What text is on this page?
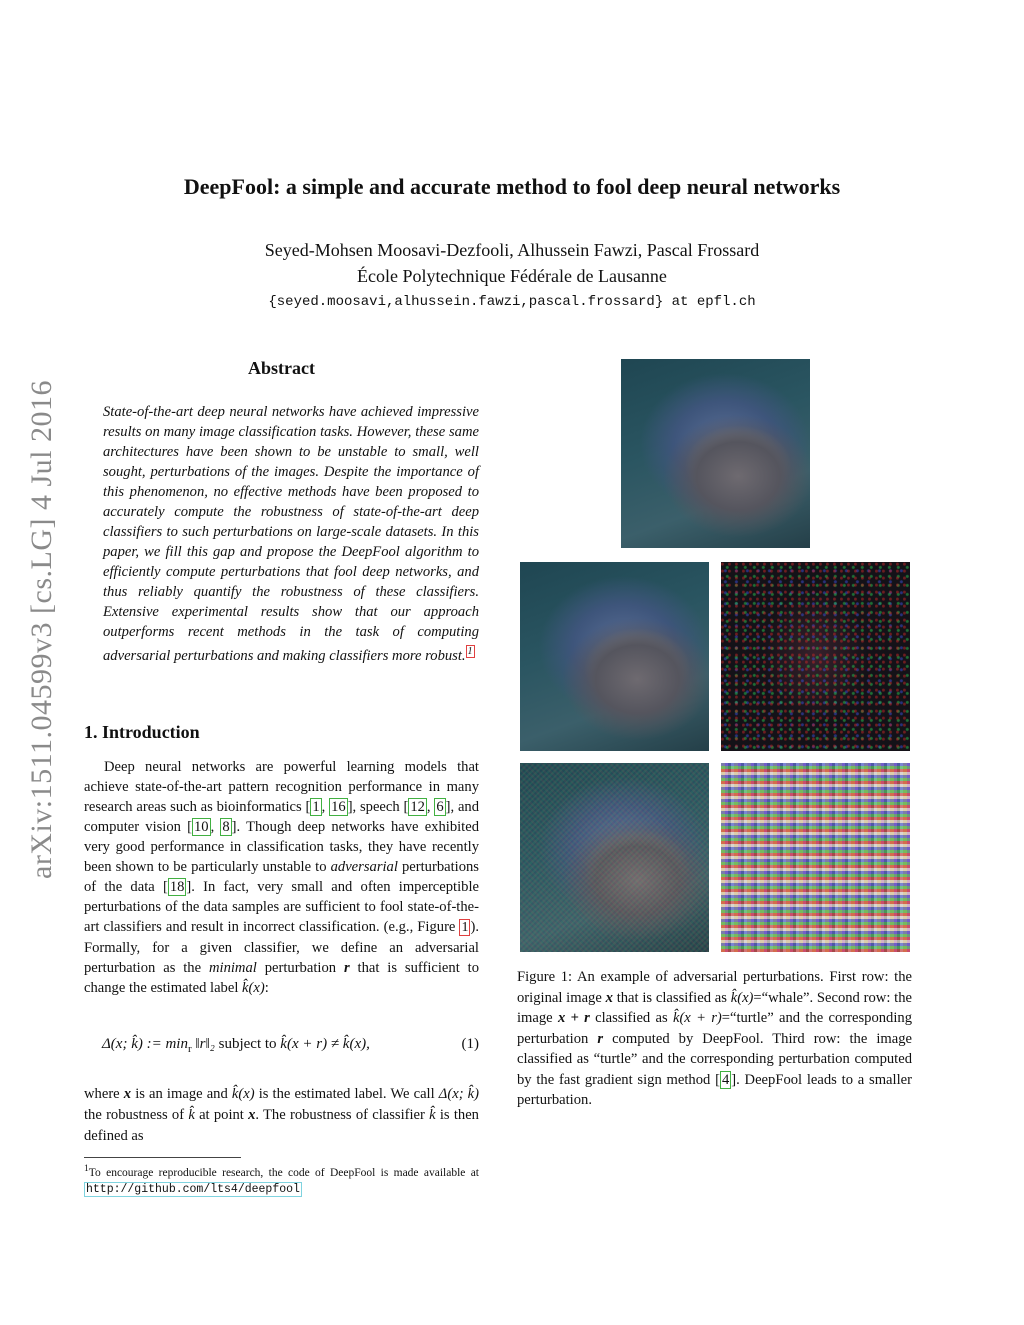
DeepFool: a simple and accurate method to fool deep neural networks
Seyed-Mohsen Moosavi-Dezfooli, Alhussein Fawzi, Pascal Frossard
École Polytechnique Fédérale de Lausanne
{seyed.moosavi,alhussein.fawzi,pascal.frossard} at epfl.ch
arXiv:1511.04599v3 [cs.LG] 4 Jul 2016
Abstract
State-of-the-art deep neural networks have achieved impressive results on many image classification tasks. However, these same architectures have been shown to be unstable to small, well sought, perturbations of the images. Despite the importance of this phenomenon, no effective methods have been proposed to accurately compute the robustness of state-of-the-art deep classifiers to such perturbations on large-scale datasets. In this paper, we fill this gap and propose the DeepFool algorithm to efficiently compute perturbations that fool deep networks, and thus reliably quantify the robustness of these classifiers. Extensive experimental results show that our approach outperforms recent methods in the task of computing adversarial perturbations and making classifiers more robust. $^1$
1. Introduction

Deep neural networks are powerful learning models that achieve state-of-the-art pattern recognition performance in many research areas such as bioinformatics [ 1 , 16 ], speech [ 12 , 6 ], and computer vision [ 10 , 8 ]. Though deep networks have exhibited very good performance in classification tasks, they have recently been shown to be particularly unstable to adversarial perturbations of the data [ 18 ]. In fact, very small and often imperceptible perturbations of the data samples are sufficient to fool state-of-the-art classifiers and result in incorrect classification. (e.g., Figure 1 ). Formally, for a given classifier, we define an adversarial perturbation as the minimal perturbation r that is sufficient to change the estimated label k̂(x):

Δ(x; k̂) := $\min_r$ ‖r‖₂ subject to k̂(x + r) ≠ k̂(x),	(1)
where x is an image and k̂(x) is the estimated label. We call Δ(x; k̂) the robustness of k̂ at point x. The robustness of classifier k̂ is then defined as
$^1$To encourage reproducible research, the code of DeepFool is made available at http://github.com/lts4/deepfool
Figure 1: An example of adversarial perturbations. First row: the original image x that is classified as k̂(x)=“whale”. Second row: the image x + r classified as k̂(x + r)=“turtle” and the corresponding perturbation r computed by DeepFool. Third row: the image classified as “turtle” and the corresponding perturbation computed by the fast gradient sign method [ 4 ]. DeepFool leads to a smaller perturbation.
